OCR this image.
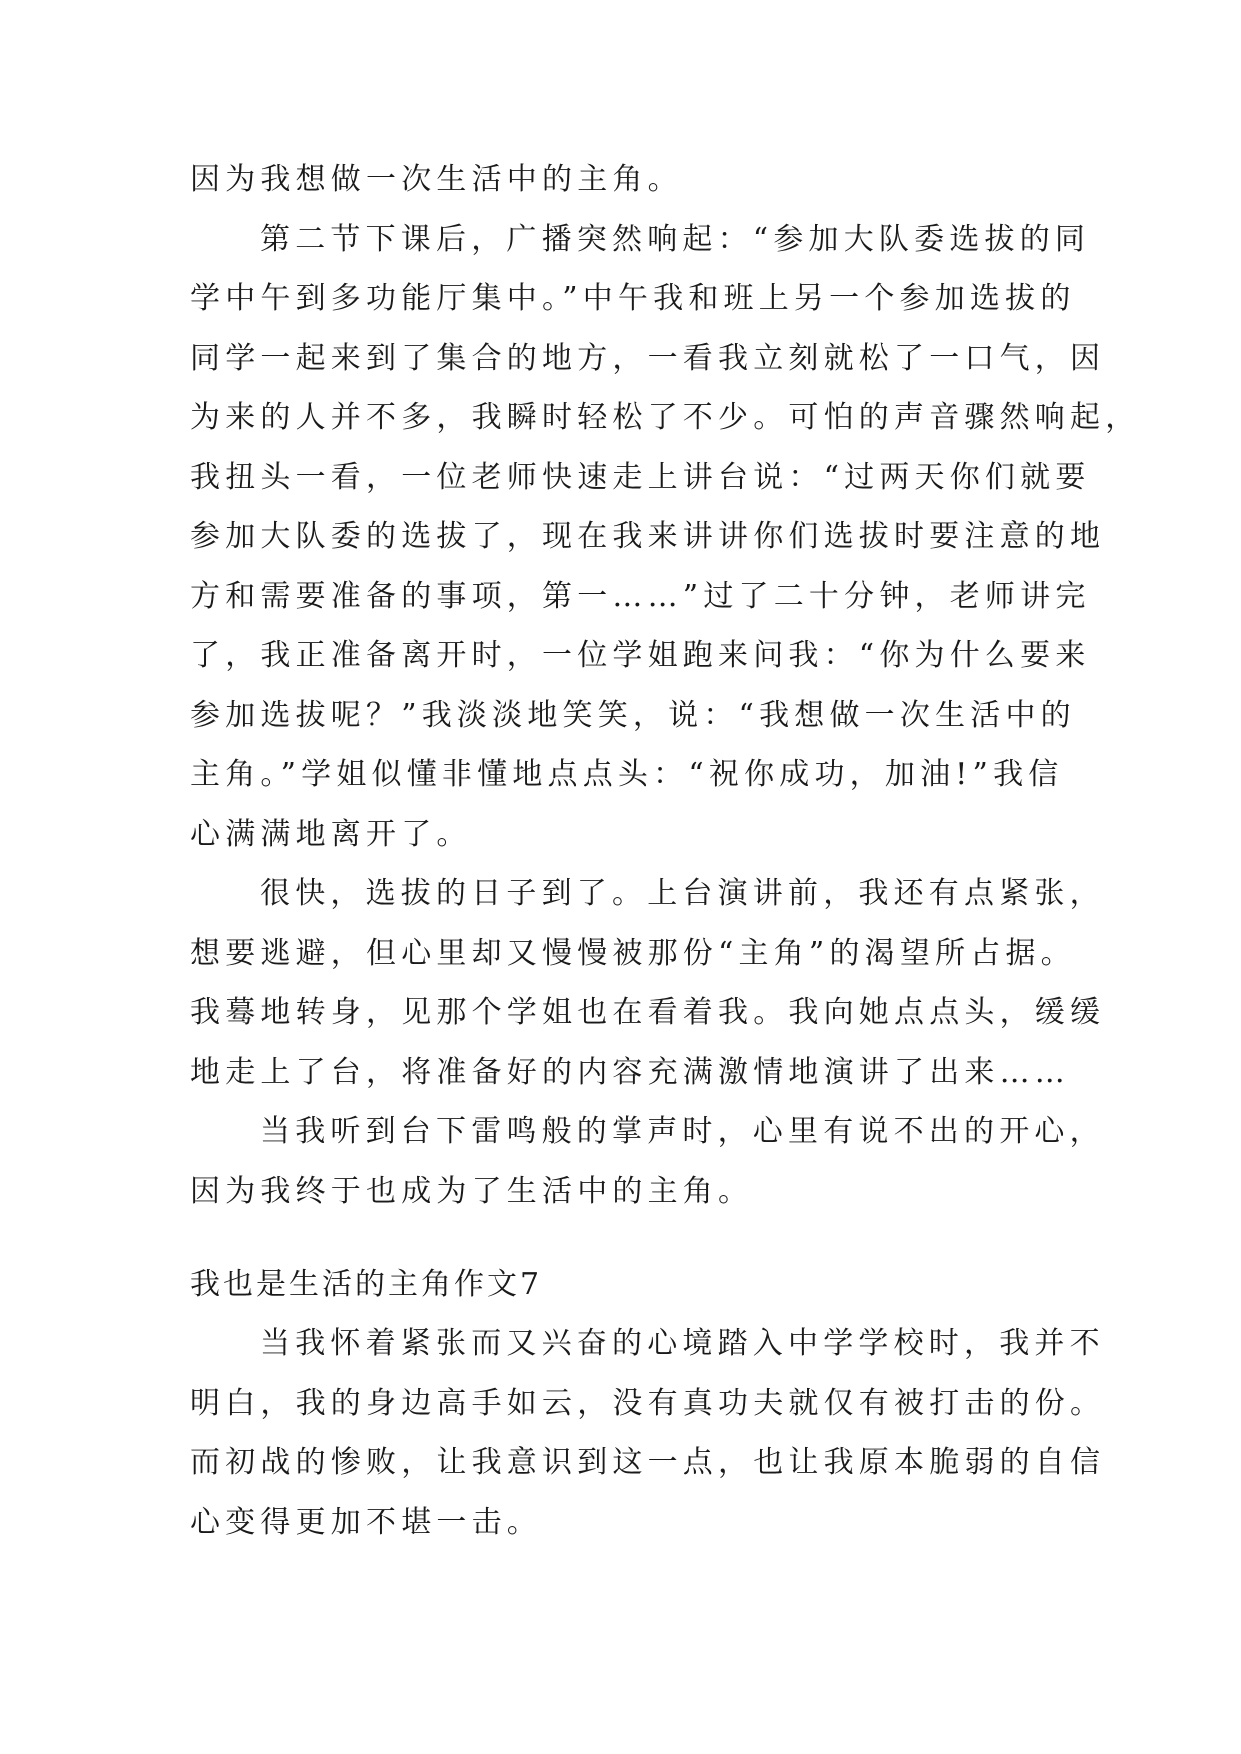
因为我想做一次生活中的主角。
第二节下课后，广播突然响起：“参加大队委选拔的同
学中午到多功能厅集中。”中午我和班上另一个参加选拔的
同学一起来到了集合的地方，一看我立刻就松了一口气，因
为来的人并不多，我瞬时轻松了不少。可怕的声音骤然响起，
我扭头一看，一位老师快速走上讲台说：“过两天你们就要
参加大队委的选拔了，现在我来讲讲你们选拔时要注意的地
方和需要准备的事项，第一……”过了二十分钟，老师讲完
了，我正准备离开时，一位学姐跑来问我：“你为什么要来
参加选拔呢？”我淡淡地笑笑，说：“我想做一次生活中的
主角。”学姐似懂非懂地点点头：“祝你成功，加油!”我信
心满满地离开了。
很快，选拔的日子到了。上台演讲前，我还有点紧张，
想要逃避，但心里却又慢慢被那份“主角”的渴望所占据。
我蓦地转身，见那个学姐也在看着我。我向她点点头，缓缓
地走上了台，将准备好的内容充满激情地演讲了出来……
当我听到台下雷鸣般的掌声时，心里有说不出的开心，
因为我终于也成为了生活中的主角。
我也是生活的主角作文7
当我怀着紧张而又兴奋的心境踏入中学学校时，我并不
明白，我的身边高手如云，没有真功夫就仅有被打击的份。
而初战的惨败，让我意识到这一点，也让我原本脆弱的自信
心变得更加不堪一击。
